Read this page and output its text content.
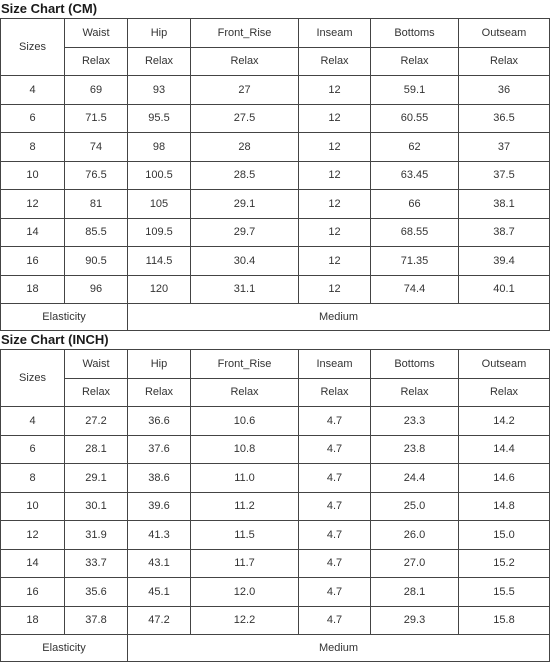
Size Chart (CM)
Sizes	Waist	Hip	Front_Rise	Inseam	Bottoms	Outseam
	Relax	Relax	Relax	Relax	Relax	Relax
4	69	93	27	12	59.1	36
6	71.5	95.5	27.5	12	60.55	36.5
8	74	98	28	12	62	37
10	76.5	100.5	28.5	12	63.45	37.5
12	81	105	29.1	12	66	38.1
14	85.5	109.5	29.7	12	68.55	38.7
16	90.5	114.5	30.4	12	71.35	39.4
18	96	120	31.1	12	74.4	40.1
Elasticity		Medium				
Size Chart (INCH)
Sizes	Waist	Hip	Front_Rise	Inseam	Bottoms	Outseam
	Relax	Relax	Relax	Relax	Relax	Relax
4	27.2	36.6	10.6	4.7	23.3	14.2
6	28.1	37.6	10.8	4.7	23.8	14.4
8	29.1	38.6	11.0	4.7	24.4	14.6
10	30.1	39.6	11.2	4.7	25.0	14.8
12	31.9	41.3	11.5	4.7	26.0	15.0
14	33.7	43.1	11.7	4.7	27.0	15.2
16	35.6	45.1	12.0	4.7	28.1	15.5
18	37.8	47.2	12.2	4.7	29.3	15.8
Elasticity		Medium				
